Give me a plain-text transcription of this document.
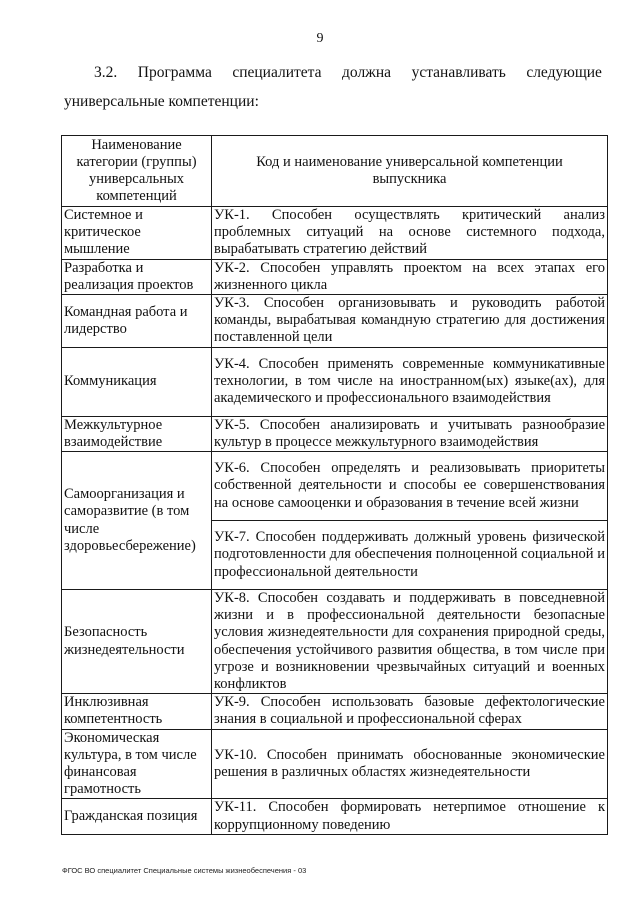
9
3.2. Программа специалитета должна устанавливать следующие
универсальные компетенции:
Наименование категории (группы) универсальных компетенций	Код и наименование универсальной компетенции выпускника
Системное и критическое мышление	УК-1. Способен осуществлять критический анализ проблемных ситуаций на основе системного подхода, вырабатывать стратегию действий
Разработка и реализация проектов	УК-2. Способен управлять проектом на всех этапах его жизненного цикла
Командная работа и лидерство	УК-3. Способен организовывать и руководить работой команды, вырабатывая командную стратегию для достижения поставленной цели
Коммуникация	УК-4. Способен применять современные коммуникативные технологии, в том числе на иностранном(ых) языке(ах), для академического и профессионального взаимодействия
Межкультурное взаимодействие	УК-5. Способен анализировать и учитывать разнообразие культур в процессе межкультурного взаимодействия
Самоорганизация и саморазвитие (в том числе здоровьесбережение)	УК-6. Способен определять и реализовывать приоритеты собственной деятельности и способы ее совершенствования на основе самооценки и образования в течение всей жизни
	УК-7. Способен поддерживать должный уровень физической подготовленности для обеспечения полноценной социальной и профессиональной деятельности
Безопасность жизнедеятельности	УК-8. Способен создавать и поддерживать в повседневной жизни и в профессиональной деятельности безопасные условия жизнедеятельности для сохранения природной среды, обеспечения устойчивого развития общества, в том числе при угрозе и возникновении чрезвычайных ситуаций и военных конфликтов
Инклюзивная компетентность	УК-9. Способен использовать базовые дефектологические знания в социальной и профессиональной сферах
Экономическая культура, в том числе финансовая грамотность	УК-10. Способен принимать обоснованные экономические решения в различных областях жизнедеятельности
Гражданская позиция	УК-11. Способен формировать нетерпимое отношение к коррупционному поведению
ФГОС ВО специалитет Специальные системы жизнеобеспечения - 03
